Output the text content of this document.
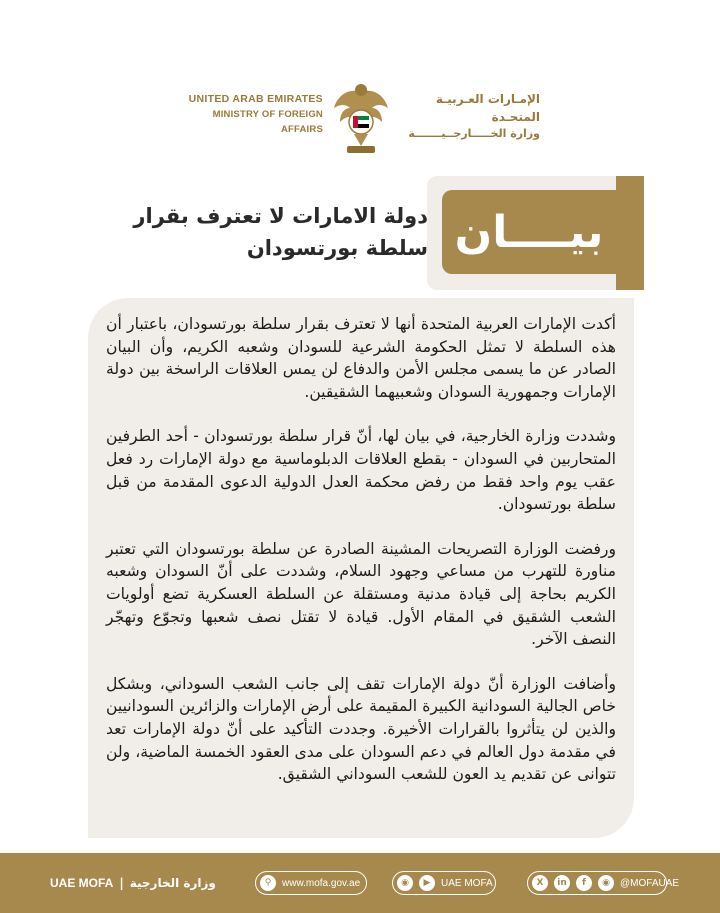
UNITED ARAB EMIRATES
MINISTRY OF FOREIGN AFFAIRS
الإمـارات العـربيـة المتحـدة
وزارة الخـــــارجــيـــــــة
بيــــان
دولة الامارات لا تعترف بقرار سلطة بورتسودان

أكدت الإمارات العربية المتحدة أنها لا تعترف بقرار سلطة بورتسودان، باعتبار أن هذه السلطة لا تمثل الحكومة الشرعية للسودان وشعبه الكريم، وأن البيان الصادر عن ما يسمى مجلس الأمن والدفاع لن يمس العلاقات الراسخة بين دولة الإمارات وجمهورية السودان وشعبيهما الشقيقين.

وشددت وزارة الخارجية، في بيان لها، أنّ قرار سلطة بورتسودان - أحد الطرفين المتحاربين في السودان - بقطع العلاقات الدبلوماسية مع دولة الإمارات رد فعل عقب يوم واحد فقط من رفض محكمة العدل الدولية الدعوى المقدمة من قبل سلطة بورتسودان.

ورفضت الوزارة التصريحات المشينة الصادرة عن سلطة بورتسودان التي تعتبر مناورة للتهرب من مساعي وجهود السلام، وشددت على أنّ السودان وشعبه الكريم بحاجة إلى قيادة مدنية ومستقلة عن السلطة العسكرية تضع أولويات الشعب الشقيق في المقام الأول. قيادة لا تقتل نصف شعبها وتجوّع وتهجّر النصف الآخر.

وأضافت الوزارة أنّ دولة الإمارات تقف إلى جانب الشعب السوداني، وبشكل خاص الجالية السودانية الكبيرة المقيمة على أرض الإمارات والزائرين السودانيين والذين لن يتأثروا بالقرارات الأخيرة. وجددت التأكيد على أنّ دولة الإمارات تعد في مقدمة دول العالم في دعم السودان على مدى العقود الخمسة الماضية، ولن تتوانى عن تقديم يد العون للشعب السوداني الشقيق.

UAE MOFA | وزارة الخارجية	⚲	www.mofa.gov.ae	◉	▶	UAE MOFA	X	in	f	◉	@MOFAUAE
